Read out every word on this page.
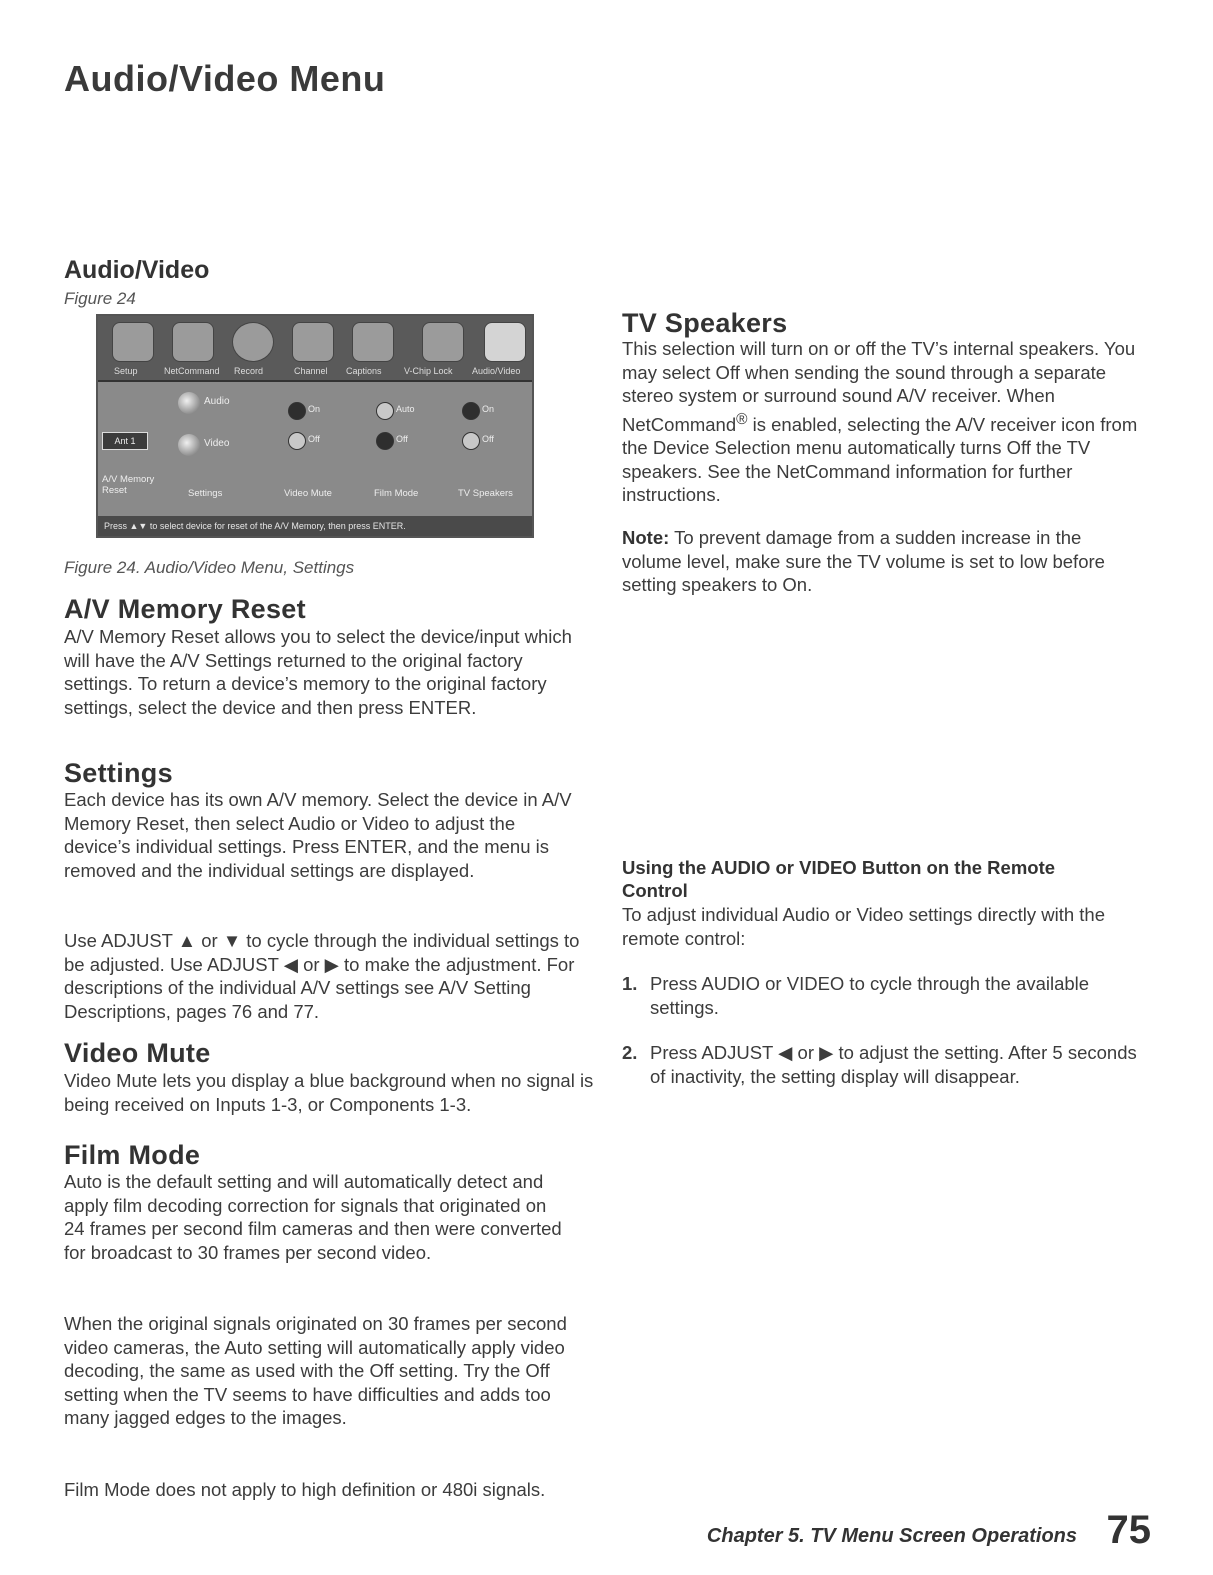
Audio/Video Menu
Audio/Video
Figure 24
Setup	NetCommand Record	Channel Captions V-Chip Lock Audio/Video
Ant 1
Audio
Video
On
Off
Auto
Off
On
Off
A/V Memory Reset	Settings	Video Mute	Film Mode	TV Speakers
Press ▲▼ to select device for reset of the A/V Memory, then press ENTER.
Figure 24. Audio/Video Menu, Settings
A/V Memory Reset
A/V Memory Reset allows you to select the device/input which will have the A/V Settings returned to the original factory settings. To return a device’s memory to the original factory settings, select the device and then press ENTER.
Settings
Each device has its own A/V memory. Select the device in A/V Memory Reset, then select Audio or Video to adjust the device’s individual settings. Press ENTER, and the menu is removed and the individual settings are displayed.
Use ADJUST ▲ or ▼ to cycle through the individual settings to be adjusted. Use ADJUST ◀ or ▶ to make the adjustment. For descriptions of the individual A/V settings see A/V Setting Descriptions, pages 76 and 77.
Video Mute
Video Mute lets you display a blue background when no signal is being received on Inputs 1-3, or Components 1-3.
Film Mode
Auto is the default setting and will automatically detect and apply film decoding correction for signals that originated on 24 frames per second film cameras and then were converted for broadcast to 30 frames per second video.
When the original signals originated on 30 frames per second video cameras, the Auto setting will automatically apply video decoding, the same as used with the Off setting. Try the Off setting when the TV seems to have difficulties and adds too many jagged edges to the images.
Film Mode does not apply to high definition or 480i signals.
TV Speakers
This selection will turn on or off the TV’s internal speakers. You may select Off when sending the sound through a separate stereo system or surround sound A/V receiver. When NetCommand® is enabled, selecting the A/V receiver icon from the Device Selection menu automatically turns Off the TV speakers. See the NetCommand information for further instructions.
Note: To prevent damage from a sudden increase in the volume level, make sure the TV volume is set to low before setting speakers to On.
Using the AUDIO or VIDEO Button on the Remote Control
To adjust individual Audio or Video settings directly with the remote control:
1. Press AUDIO or VIDEO to cycle through the available settings.
2. Press ADJUST ◀ or ▶ to adjust the setting. After 5 seconds of inactivity, the setting display will disappear.
Chapter 5. TV Menu Screen Operations 75
